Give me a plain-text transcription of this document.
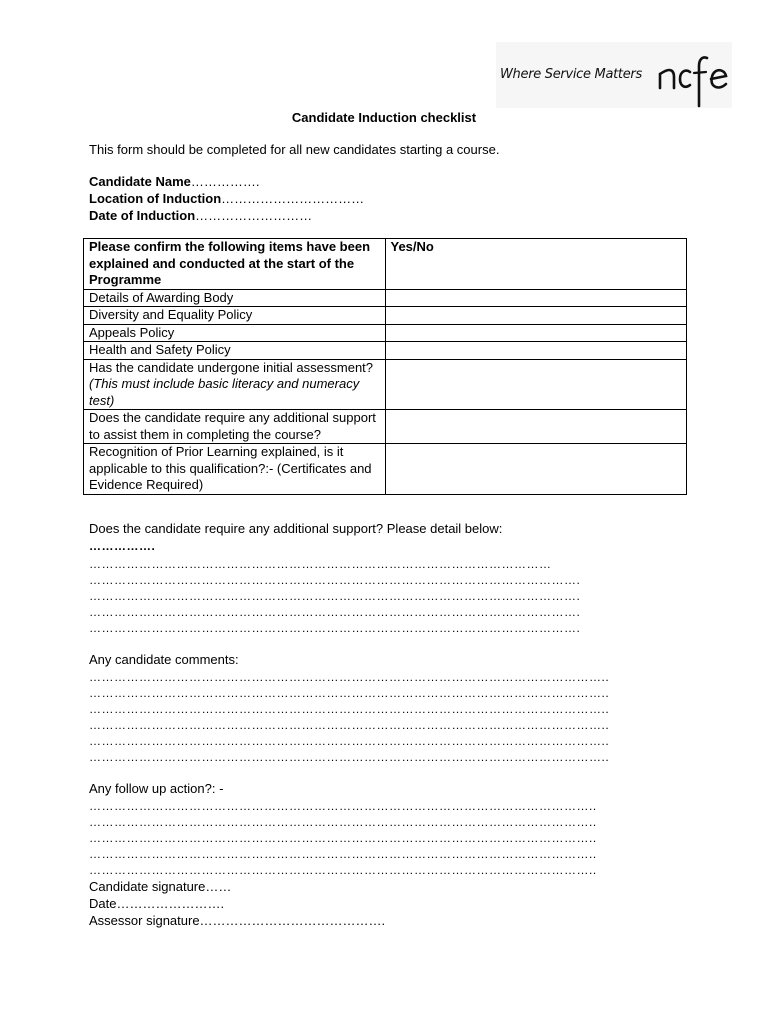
Where Service Matters
Candidate Induction checklist
This form should be completed for all new candidates starting a course.
Candidate Name…………….
Location of Induction……………………………
Date of Induction………………………
Please confirm the following items have been explained and conducted at the start of the Programme	Yes/No
Details of Awarding Body	
Diversity and Equality Policy	
Appeals Policy	
Health and Safety Policy	
Has the candidate undergone initial assessment? (This must include basic literacy and numeracy test)	
Does the candidate require any additional support to assist them in completing the course?	
Recognition of Prior Learning explained, is it applicable to this qualification?:- (Certificates and Evidence Required)	
Does the candidate require any additional support? Please detail below:
…………….
…………………………………………………………………………………………………
……………………………………………………………………………………………………….
……………………………………………………………………………………………………….
……………………………………………………………………………………………………….
……………………………………………………………………………………………………….
Any candidate comments:
……………………………………………………………………………………………………………..
……………………………………………………………………………………………………………..
……………………………………………………………………………………………………………..
……………………………………………………………………………………………………………..
……………………………………………………………………………………………………………..
……………………………………………………………………………………………………………..
Any follow up action?: -
…………………………………………………………………………………………………………..
…………………………………………………………………………………………………………..
…………………………………………………………………………………………………………..
…………………………………………………………………………………………………………..
…………………………………………………………………………………………………………..
Candidate signature……
Date…………………….
Assessor signature…………………………………….
